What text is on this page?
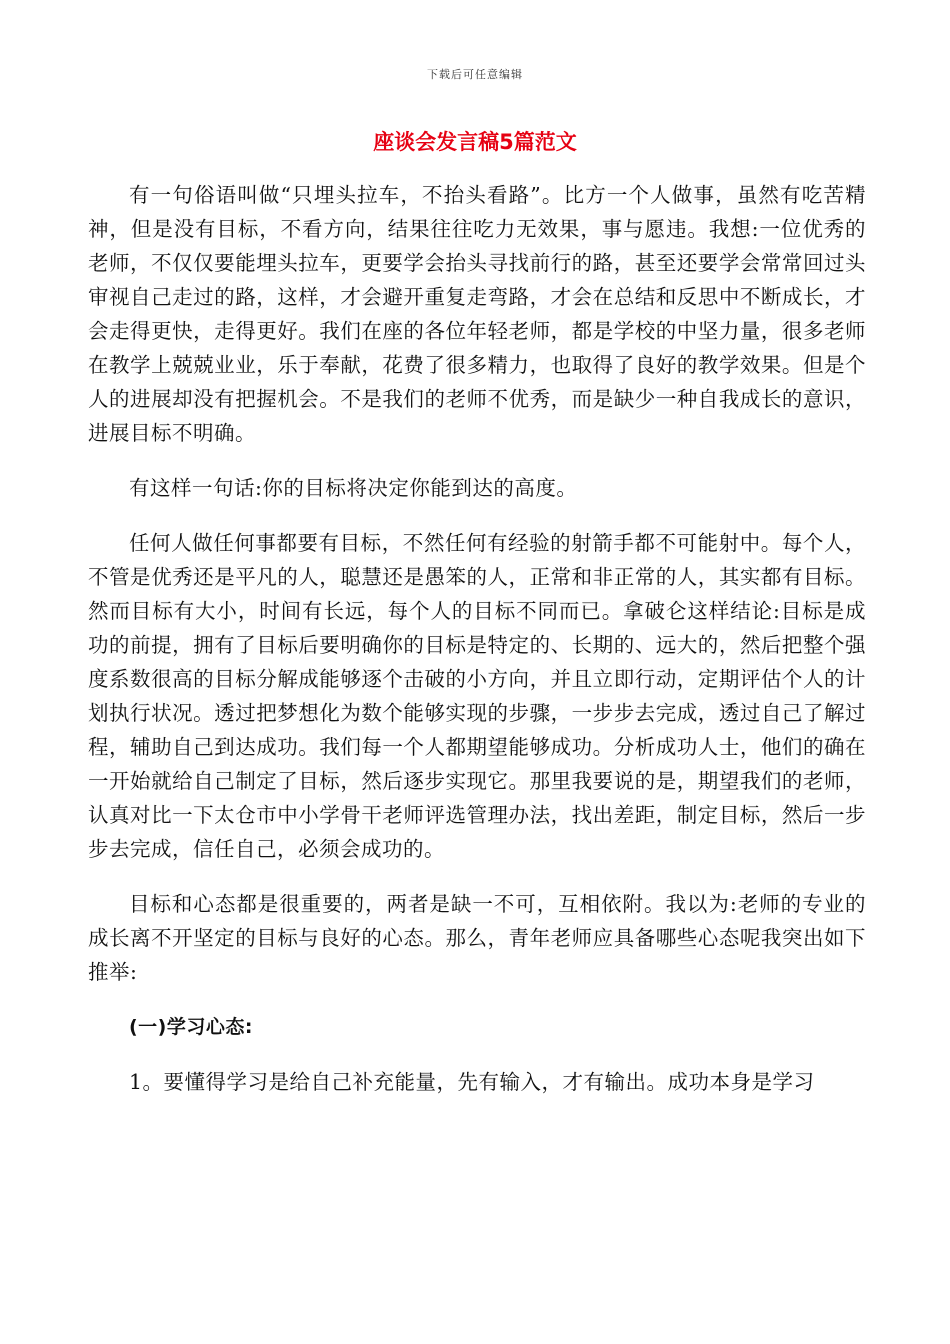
下载后可任意编辑
座谈会发言稿5篇范文

有一句俗语叫做“只埋头拉车，不抬头看路”。比方一个人做事，虽然有吃苦精神，但是没有目标，不看方向，结果往往吃力无效果，事与愿违。我想:一位优秀的老师，不仅仅要能埋头拉车，更要学会抬头寻找前行的路，甚至还要学会常常回过头审视自己走过的路，这样，才会避开重复走弯路，才会在总结和反思中不断成长，才会走得更快，走得更好。我们在座的各位年轻老师，都是学校的中坚力量，很多老师在教学上兢兢业业，乐于奉献，花费了很多精力，也取得了良好的教学效果。但是个人的进展却没有把握机会。不是我们的老师不优秀，而是缺少一种自我成长的意识，进展目标不明确。

有这样一句话:你的目标将决定你能到达的高度。

任何人做任何事都要有目标，不然任何有经验的射箭手都不可能射中。每个人，不管是优秀还是平凡的人，聪慧还是愚笨的人，正常和非正常的人，其实都有目标。然而目标有大小，时间有长远，每个人的目标不同而已。拿破仑这样结论:目标是成功的前提，拥有了目标后要明确你的目标是特定的、长期的、远大的，然后把整个强度系数很高的目标分解成能够逐个击破的小方向，并且立即行动，定期评估个人的计划执行状况。透过把梦想化为数个能够实现的步骤，一步步去完成，透过自己了解过程，辅助自己到达成功。我们每一个人都期望能够成功。分析成功人士，他们的确在一开始就给自己制定了目标，然后逐步实现它。那里我要说的是，期望我们的老师，认真对比一下太仓市中小学骨干老师评选管理办法，找出差距，制定目标，然后一步步去完成，信任自己，必须会成功的。

目标和心态都是很重要的，两者是缺一不可，互相依附。我以为:老师的专业的成长离不开坚定的目标与良好的心态。那么，青年老师应具备哪些心态呢我突出如下推举:

(一)学习心态:

1。要懂得学习是给自己补充能量，先有输入，才有输出。成功本身是学习
